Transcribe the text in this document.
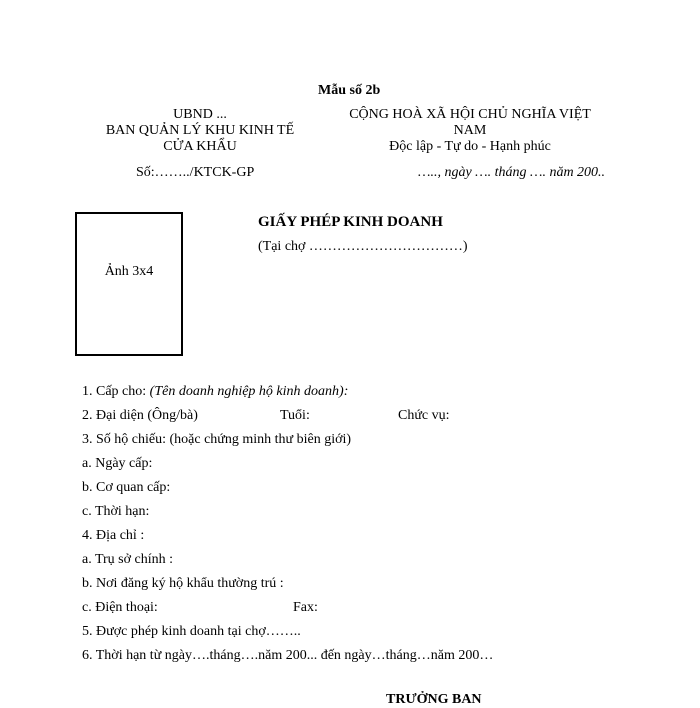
Mẫu số 2b
UBND ...
BAN QUẢN LÝ KHU KINH TẾ
CỬA KHẨU
CỘNG HOÀ XÃ HỘI CHỦ NGHĨA VIỆT
NAM
Độc lập - Tự do - Hạnh phúc
Số:……../KTCK-GP	….., ngày …. tháng …. năm 200..
Ảnh 3x4
GIẤY PHÉP KINH DOANH
(Tại chợ ……………………………)
1. Cấp cho: (Tên doanh nghiệp hộ kinh doanh):
2. Đại diện (Ông/bà)	Tuổi:	Chức vụ:
3. Số hộ chiếu: (hoặc chứng minh thư biên giới)
a. Ngày cấp:
b. Cơ quan cấp:
c. Thời hạn:
4. Địa chỉ :
a. Trụ sở chính :
b. Nơi đăng ký hộ khẩu thường trú :
c. Điện thoại:	Fax:
5. Được phép kinh doanh tại chợ……..
6. Thời hạn từ ngày….tháng….năm 200... đến ngày…tháng…năm 200…
TRƯỞNG BAN
